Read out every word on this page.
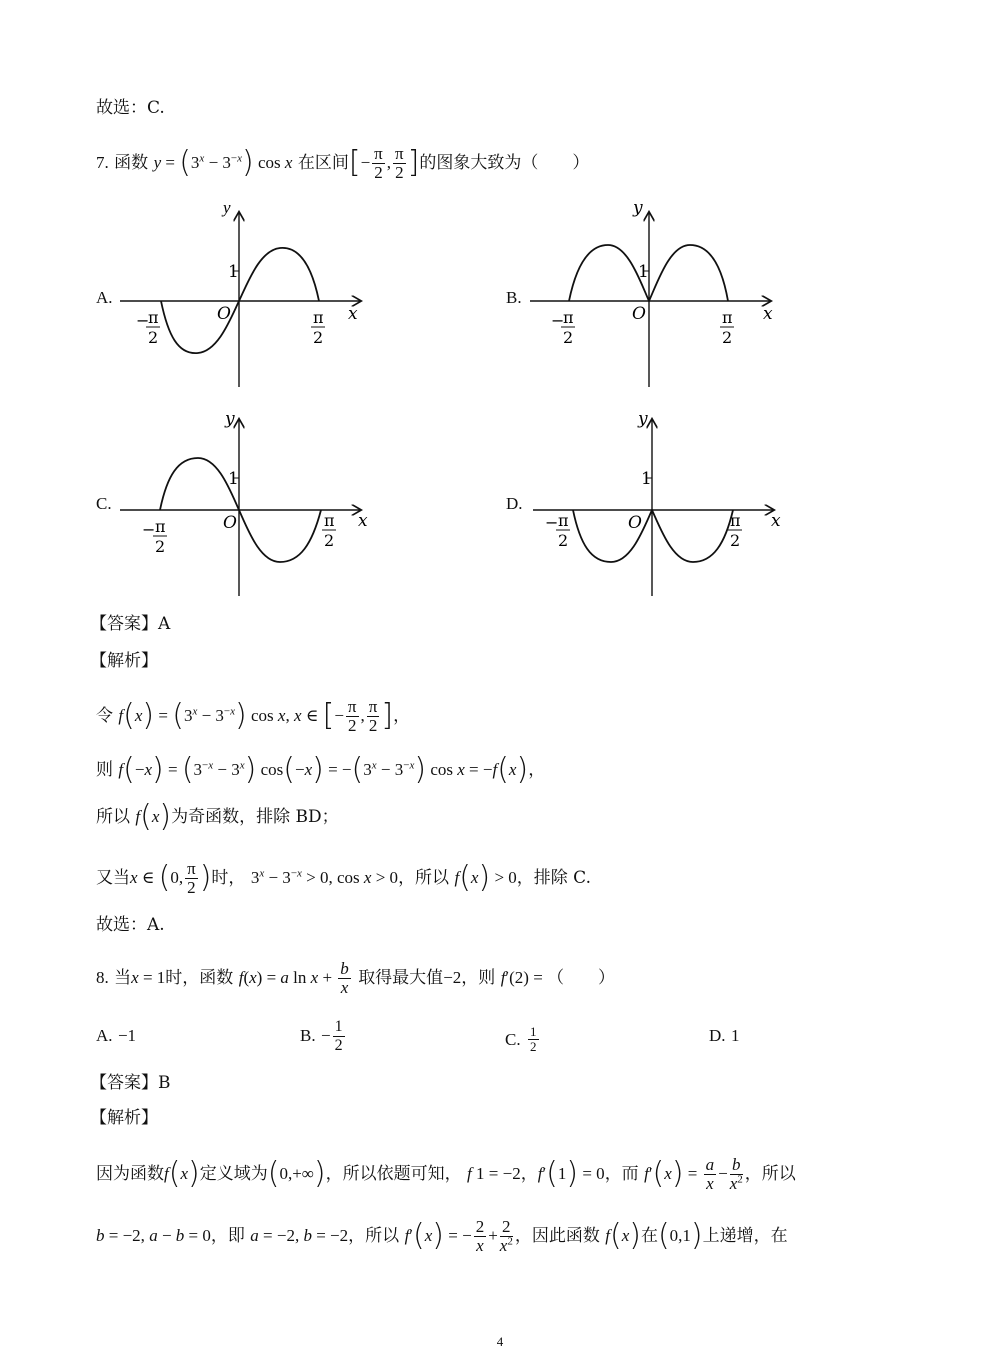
故选：C.
7. 函数 $y = (3^x - 3^{-x})$ cos x 在区间[− $\frac{\pi}{2}$ , $\frac{\pi}{2}$ ]的图象大致为（　　）
A.
y
x
O
1
−
π
2
π
2
B.
y
x
O
1
−
π
2
π
2
C.
y
x
O
1
− π
2
π
2
D.
y
x
O
1
− π
2
π
2
【答案】A
【解析】
令 $f(x) = (3^x - 3^{-x})$ cos x, x ∈ [− $\frac{\pi}{2}$ , $\frac{\pi}{2}$ ]，
则 $f(-x) = (3^{-x} - 3^x) \cos(-x) = -(3^x - 3^{-x})$ cos x = −f(x)，
所以 f(x)为奇函数，排除 BD；
又当x ∈ (0, $\frac{\pi}{2}$ )时， $3^x - 3^{-x} > 0$, cos x > 0，所以 f(x) > 0，排除 C.
故选：A.
8. 当x = 1时，函数 f(x) = a $\ln x + \frac{b}{x}$ 取得最大值−2，则 f′(2) = （　　）
A. −1	B. − $\frac{1}{2}$	C. $\frac{1}{2}$	D. 1
【答案】B
【解析】
因为函数f(x)定义域为(0,+∞)，所以依题可知， f 1 = −2，f′(1) = 0，而 $f'(x) = \frac{a}{x} - \frac{b}{x^2}$ ，所以
b = −2, a − b = 0，即 a = −2, b = −2，所以 f′(x) = − $\frac{2}{x} + \frac{2}{x^2}$ ，因此函数 f(x)在(0,1)上递增，在
4
